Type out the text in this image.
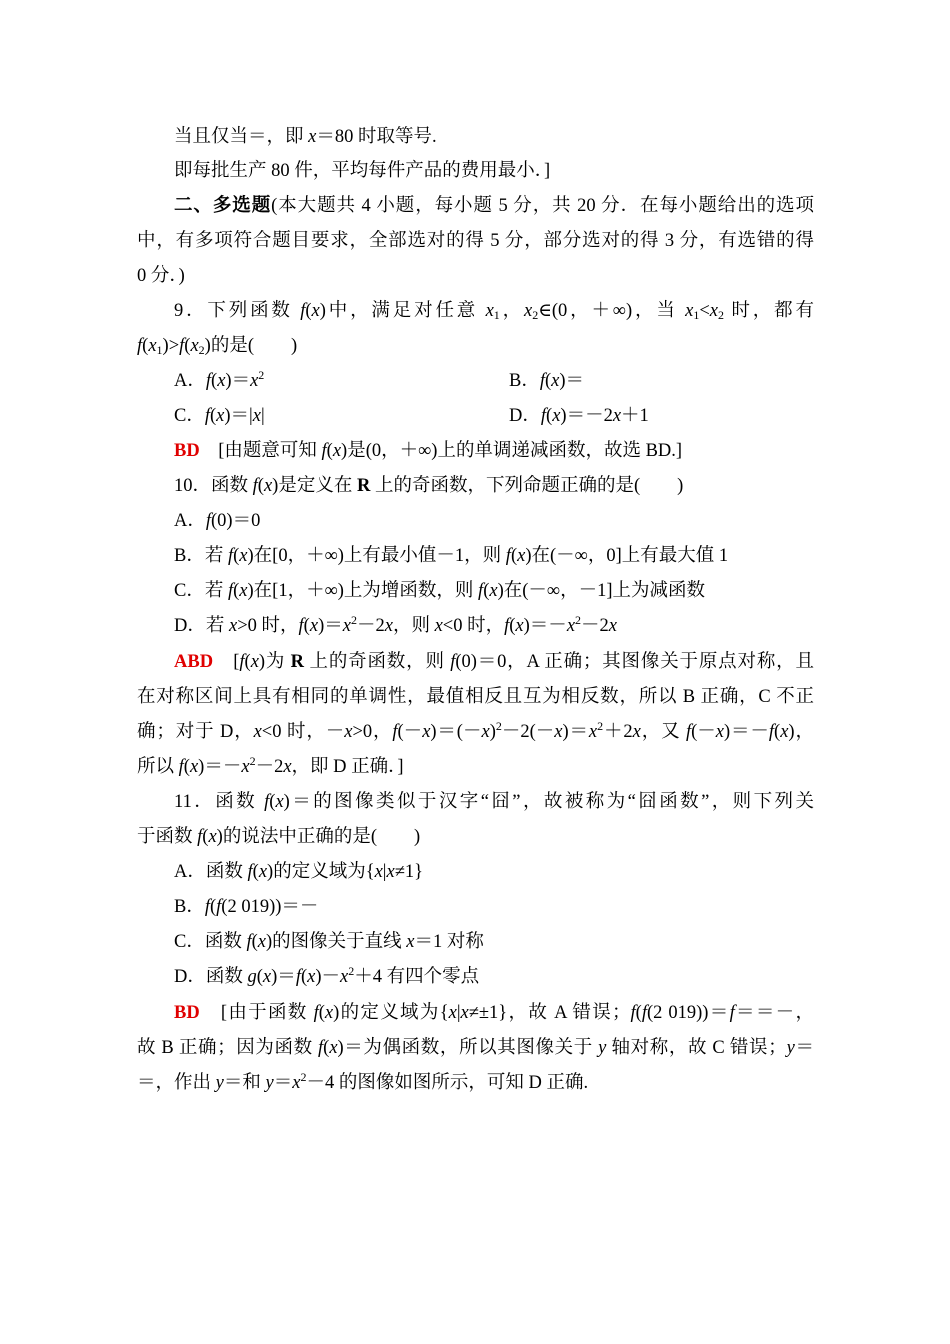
当且仅当＝，即 x＝80 时取等号.
即每批生产 80 件，平均每件产品的费用最小．]
二、多选题(本大题共 4 小题，每小题 5 分，共 20 分．在每小题给出的选项
中，有多项符合题目要求，全部选对的得 5 分，部分选对的得 3 分，有选错的得
0 分．)
9．下列函数 f(x)中，满足对任意 $x_1$，$x_2\in(0$，＋∞)，当 $x_1<x_2$ 时，都有
$f(x_1)>f(x_2)$的是(　　)
A．$f(x)=x^2$	B．f(x)＝
C．f(x)＝|x|	D．f(x)＝－2x＋1
BD　[由题意可知 f(x)是(0，＋∞)上的单调递减函数，故选 BD.]
10．函数 f(x)是定义在 R 上的奇函数，下列命题正确的是(　　)
A．f(0)＝0
B．若 f(x)在[0，＋∞)上有最小值－1，则 f(x)在(－∞，0]上有最大值 1
C．若 f(x)在[1，＋∞)上为增函数，则 f(x)在(－∞，－1]上为减函数
D．若 x>0 时，$f(x)=x^2-2x$，则 x<0 时，$f(x)=-x^2-2x$
ABD　[f(x)为 R 上的奇函数，则 f(0)＝0，A 正确；其图像关于原点对称，且
在对称区间上具有相同的单调性，最值相反且互为相反数，所以 B 正确，C 不正
确；对于 D，x<0 时，－x>0，$f(-x)=(-x)^2-2(-x)=x^2+2x$，又 f(－x)＝－f(x)，
所以 $f(x)=-x^2-2x$，即 D 正确．]
11．函数 f(x)＝的图像类似于汉字“囧”，故被称为“囧函数”，则下列关
于函数 f(x)的说法中正确的是(　　)
A．函数 f(x)的定义域为{x|x≠1}
B．f(f(2 019))＝－
C．函数 f(x)的图像关于直线 x＝1 对称
D．函数 $g(x)=f(x)-x^2+4$ 有四个零点
BD　[由于函数 f(x)的定义域为{x|x≠±1}，故 A 错误；f(f(2 019))＝f＝＝－，
故 B 正确；因为函数 f(x)＝为偶函数，所以其图像关于 y 轴对称，故 C 错误；y＝
＝，作出 y＝和 $y=x^2-4$ 的图像如图所示，可知 D 正确.
